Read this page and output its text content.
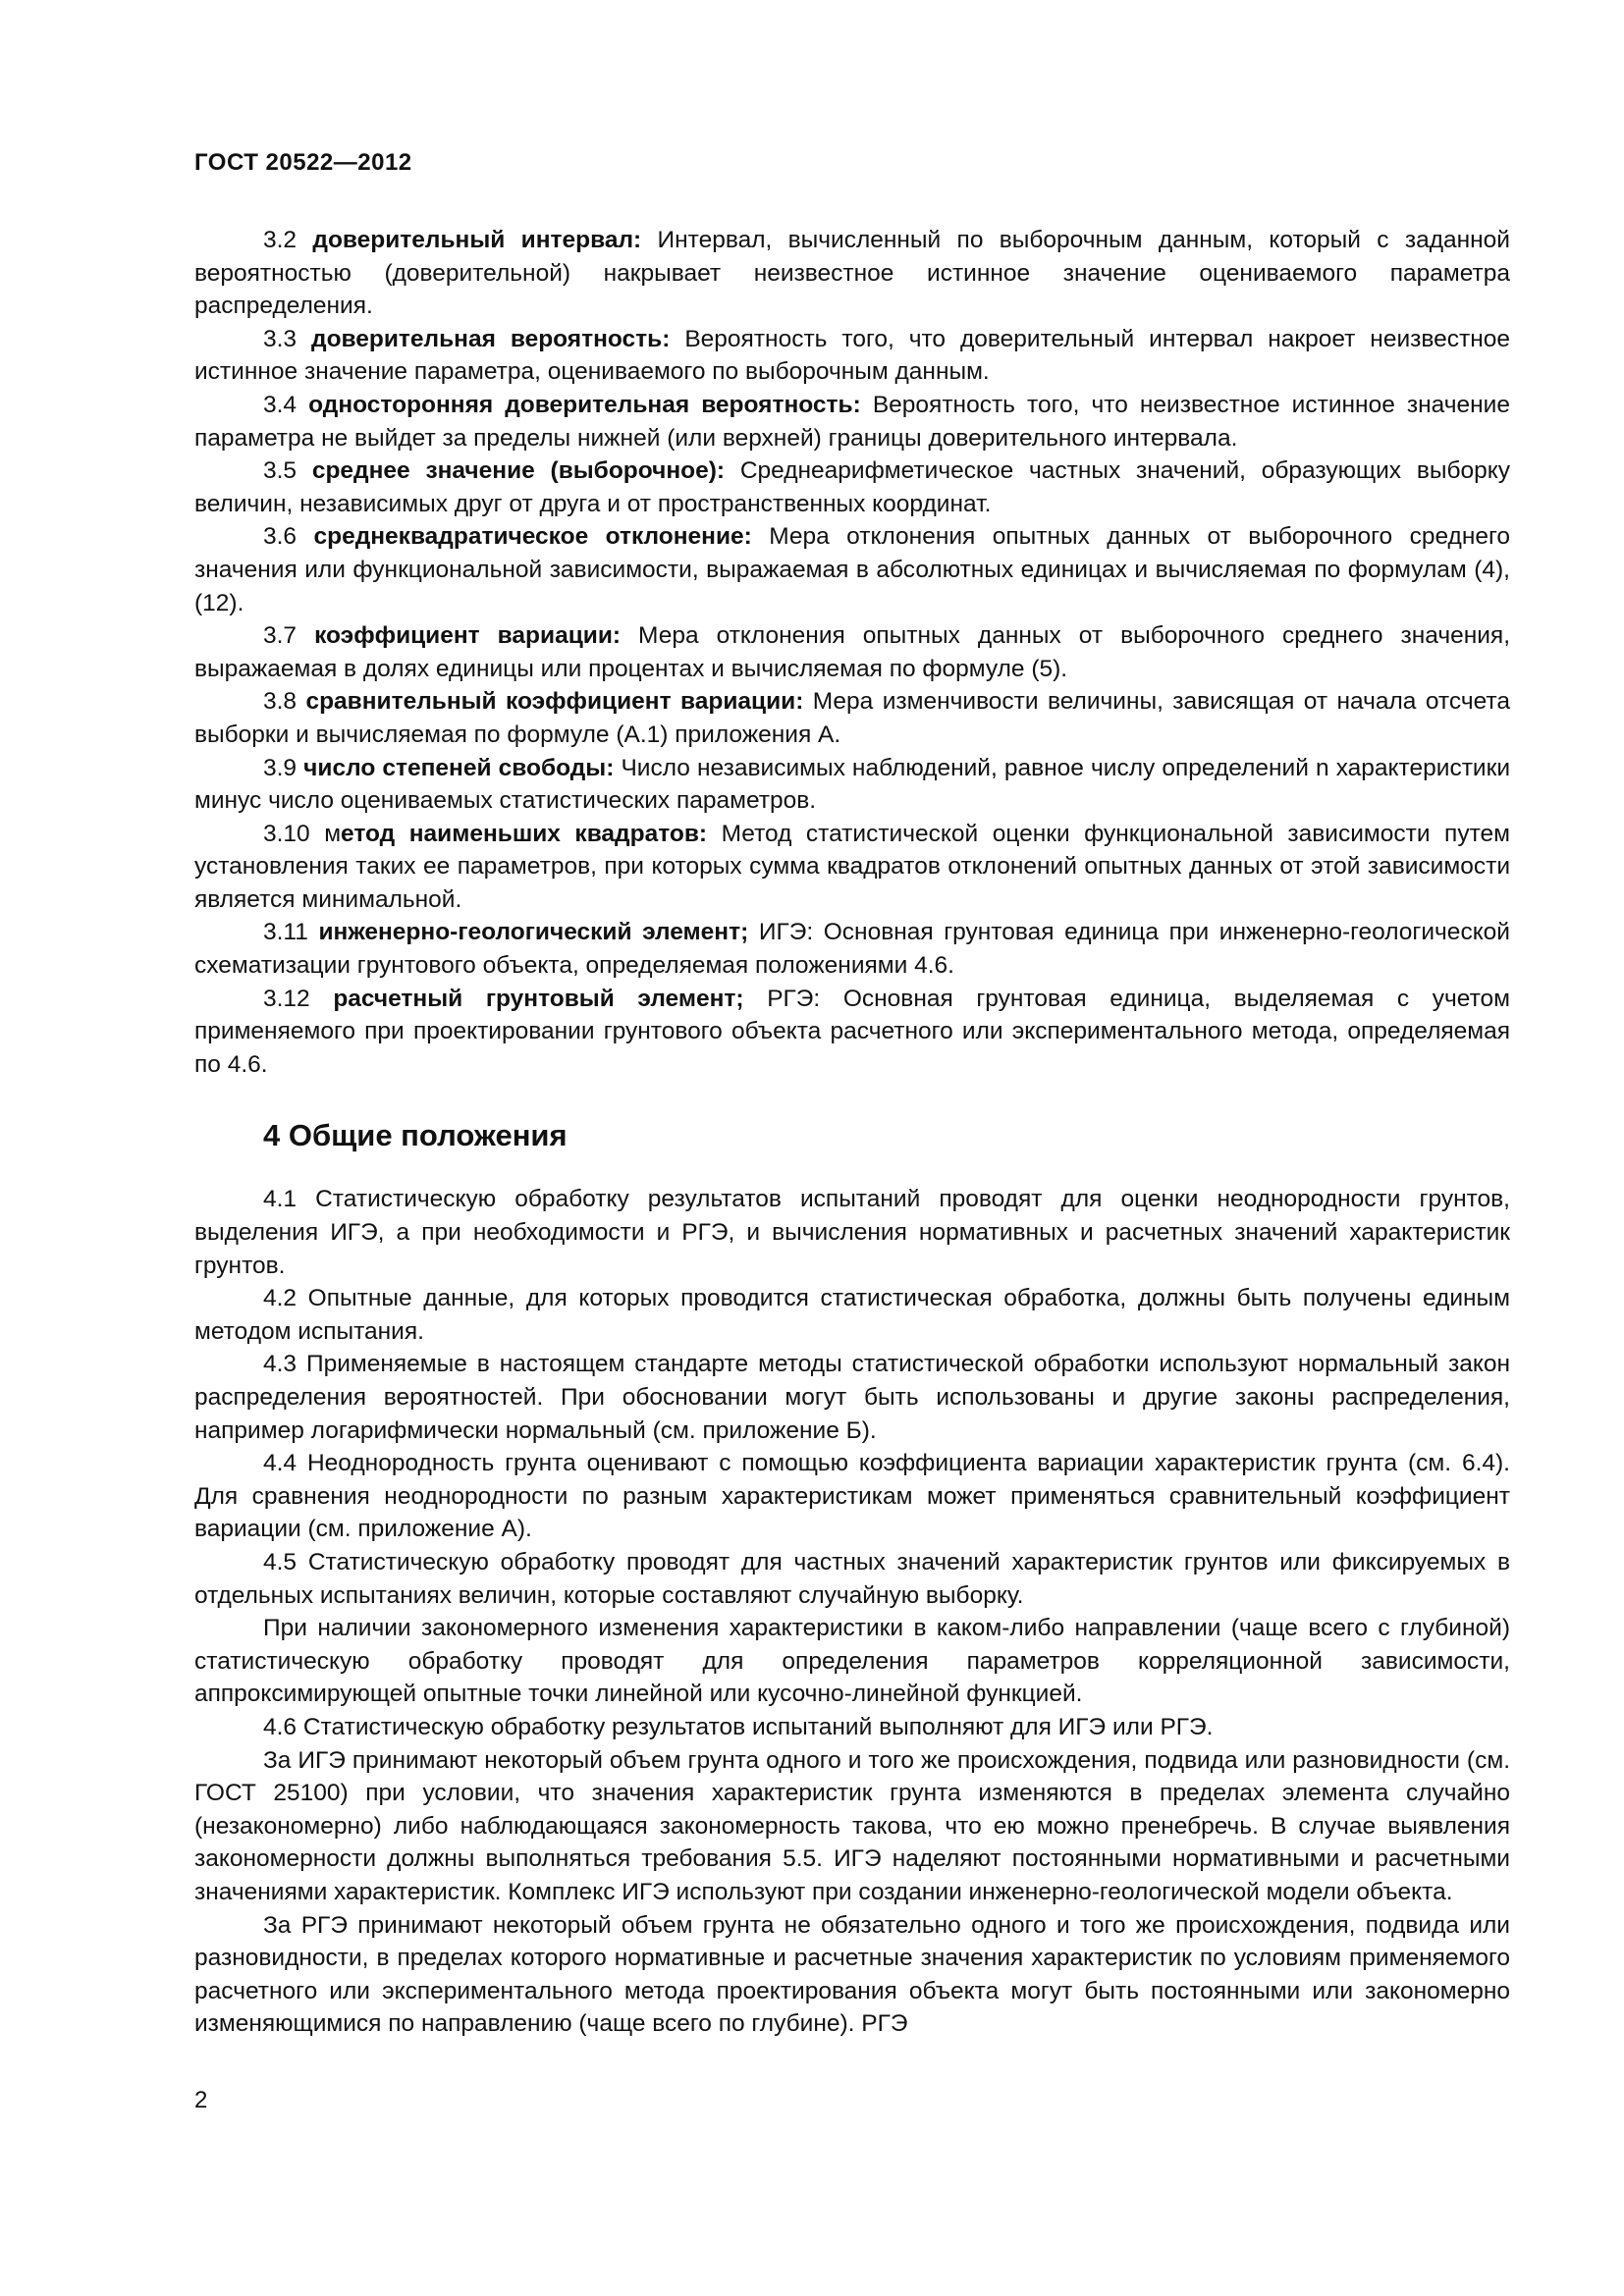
ГОСТ 20522—2012

3.2 доверительный интервал: Интервал, вычисленный по выборочным данным, который с заданной вероятностью (доверительной) накрывает неизвестное истинное значение оцениваемого параметра распределения.

3.3 доверительная вероятность: Вероятность того, что доверительный интервал накроет неизвестное истинное значение параметра, оцениваемого по выборочным данным.

3.4 односторонняя доверительная вероятность: Вероятность того, что неизвестное истинное значение параметра не выйдет за пределы нижней (или верхней) границы доверительного интервала.

3.5 среднее значение (выборочное): Среднеарифметическое частных значений, образующих выборку величин, независимых друг от друга и от пространственных координат.

3.6 среднеквадратическое отклонение: Мера отклонения опытных данных от выборочного среднего значения или функциональной зависимости, выражаемая в абсолютных единицах и вычисляемая по формулам (4), (12).

3.7 коэффициент вариации: Мера отклонения опытных данных от выборочного среднего значения, выражаемая в долях единицы или процентах и вычисляемая по формуле (5).

3.8 сравнительный коэффициент вариации: Мера изменчивости величины, зависящая от начала отсчета выборки и вычисляемая по формуле (А.1) приложения А.

3.9 число степеней свободы: Число независимых наблюдений, равное числу определений n характеристики минус число оцениваемых статистических параметров.

3.10 метод наименьших квадратов: Метод статистической оценки функциональной зависимости путем установления таких ее параметров, при которых сумма квадратов отклонений опытных данных от этой зависимости является минимальной.

3.11 инженерно-геологический элемент; ИГЭ: Основная грунтовая единица при инженерно-геологической схематизации грунтового объекта, определяемая положениями 4.6.

3.12 расчетный грунтовый элемент; РГЭ: Основная грунтовая единица, выделяемая с учетом применяемого при проектировании грунтового объекта расчетного или экспериментального метода, определяемая по 4.6.

4 Общие положения

4.1 Статистическую обработку результатов испытаний проводят для оценки неоднородности грунтов, выделения ИГЭ, а при необходимости и РГЭ, и вычисления нормативных и расчетных значений характеристик грунтов.

4.2 Опытные данные, для которых проводится статистическая обработка, должны быть получены единым методом испытания.

4.3 Применяемые в настоящем стандарте методы статистической обработки используют нормальный закон распределения вероятностей. При обосновании могут быть использованы и другие законы распределения, например логарифмически нормальный (см. приложение Б).

4.4 Неоднородность грунта оценивают с помощью коэффициента вариации характеристик грунта (см. 6.4). Для сравнения неоднородности по разным характеристикам может применяться сравнительный коэффициент вариации (см. приложение А).

4.5 Статистическую обработку проводят для частных значений характеристик грунтов или фиксируемых в отдельных испытаниях величин, которые составляют случайную выборку.

При наличии закономерного изменения характеристики в каком-либо направлении (чаще всего с глубиной) статистическую обработку проводят для определения параметров корреляционной зависимости, аппроксимирующей опытные точки линейной или кусочно-линейной функцией.

4.6 Статистическую обработку результатов испытаний выполняют для ИГЭ или РГЭ.

За ИГЭ принимают некоторый объем грунта одного и того же происхождения, подвида или разновидности (см. ГОСТ 25100) при условии, что значения характеристик грунта изменяются в пределах элемента случайно (незакономерно) либо наблюдающаяся закономерность такова, что ею можно пренебречь. В случае выявления закономерности должны выполняться требования 5.5. ИГЭ наделяют постоянными нормативными и расчетными значениями характеристик. Комплекс ИГЭ используют при создании инженерно-геологической модели объекта.

За РГЭ принимают некоторый объем грунта не обязательно одного и того же происхождения, подвида или разновидности, в пределах которого нормативные и расчетные значения характеристик по условиям применяемого расчетного или экспериментального метода проектирования объекта могут быть постоянными или закономерно изменяющимися по направлению (чаще всего по глубине). РГЭ

2
